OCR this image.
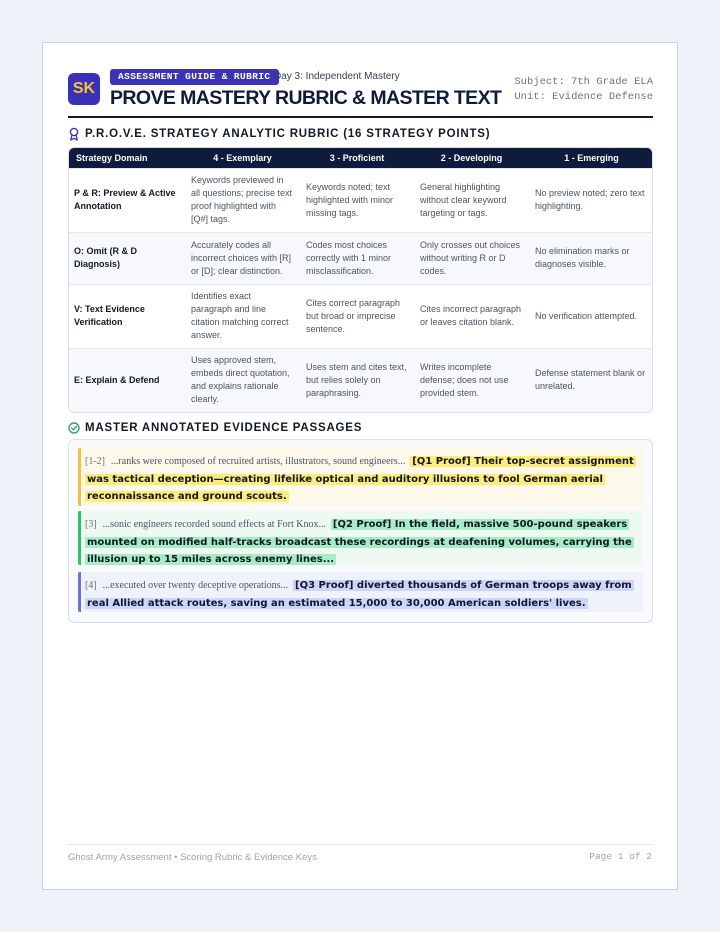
SK
ASSESSMENT GUIDE & RUBRIC Day 3: Independent Mastery
PROVE MASTERY RUBRIC & MASTER TEXT
Subject: 7th Grade ELA
Unit: Evidence Defense
P.R.O.V.E. STRATEGY ANALYTIC RUBRIC (16 STRATEGY POINTS)
Strategy Domain	4 - Exemplary	3 - Proficient	2 - Developing	1 - Emerging
P & R: Preview & Active Annotation	Keywords previewed in all questions; precise text proof highlighted with [Q#] tags.	Keywords noted; text highlighted with minor missing tags.	General highlighting without clear keyword targeting or tags.	No preview noted; zero text highlighting.
O: Omit (R & D Diagnosis)	Accurately codes all incorrect choices with [R] or [D]; clear distinction.	Codes most choices correctly with 1 minor misclassification.	Only crosses out choices without writing R or D codes.	No elimination marks or diagnoses visible.
V: Text Evidence Verification	Identifies exact paragraph and line citation matching correct answer.	Cites correct paragraph but broad or imprecise sentence.	Cites incorrect paragraph or leaves citation blank.	No verification attempted.
E: Explain & Defend	Uses approved stem, embeds direct quotation, and explains rationale clearly.	Uses stem and cites text, but relies solely on paraphrasing.	Writes incomplete defense; does not use provided stem.	Defense statement blank or unrelated.
MASTER ANNOTATED EVIDENCE PASSAGES

[1-2] ...ranks were composed of recruited artists, illustrators, sound engineers... [Q1 Proof] Their top-secret assignment was tactical deception—creating lifelike optical and auditory illusions to fool German aerial reconnaissance and ground scouts.

[3] ...sonic engineers recorded sound effects at Fort Knox... [Q2 Proof] In the field, massive 500-pound speakers mounted on modified half-tracks broadcast these recordings at deafening volumes, carrying the illusion up to 15 miles across enemy lines...

[4] ...executed over twenty deceptive operations... [Q3 Proof] diverted thousands of German troops away from real Allied attack routes, saving an estimated 15,000 to 30,000 American soldiers' lives.

Ghost Army Assessment • Scoring Rubric & Evidence Keys	Page 1 of 2
